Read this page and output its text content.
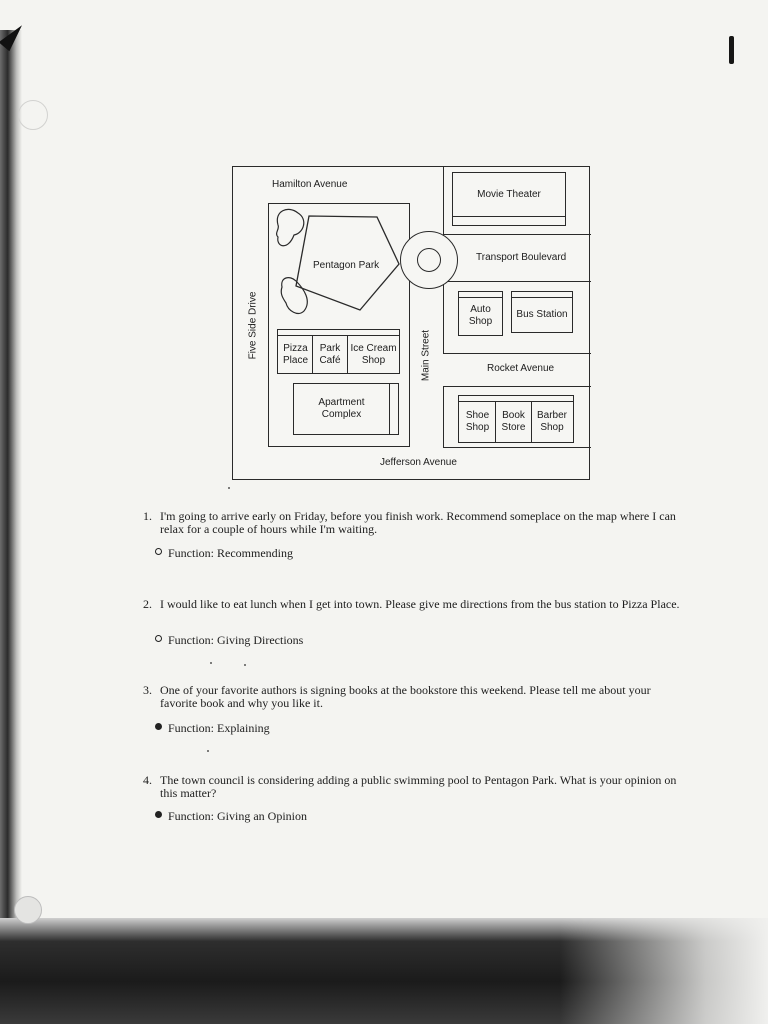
Hamilton Avenue
Jefferson Avenue
Five Side Drive	Main Street
Transport Boulevard
Rocket Avenue
Movie Theater
Auto Shop
Bus Station
Shoe Shop
Book Store
Barber Shop
Pentagon Park
Pizza Place
Park Café
Ice Cream Shop
Apartment Complex
1. I'm going to arrive early on Friday, before you finish work. Recommend someplace on the map where I can relax for a couple of hours while I'm waiting.
Function: Recommending
2. I would like to eat lunch when I get into town. Please give me directions from the bus station to Pizza Place.
Function: Giving Directions
3. One of your favorite authors is signing books at the bookstore this weekend. Please tell me about your favorite book and why you like it.
Function: Explaining
4. The town council is considering adding a public swimming pool to Pentagon Park. What is your opinion on this matter?
Function: Giving an Opinion
